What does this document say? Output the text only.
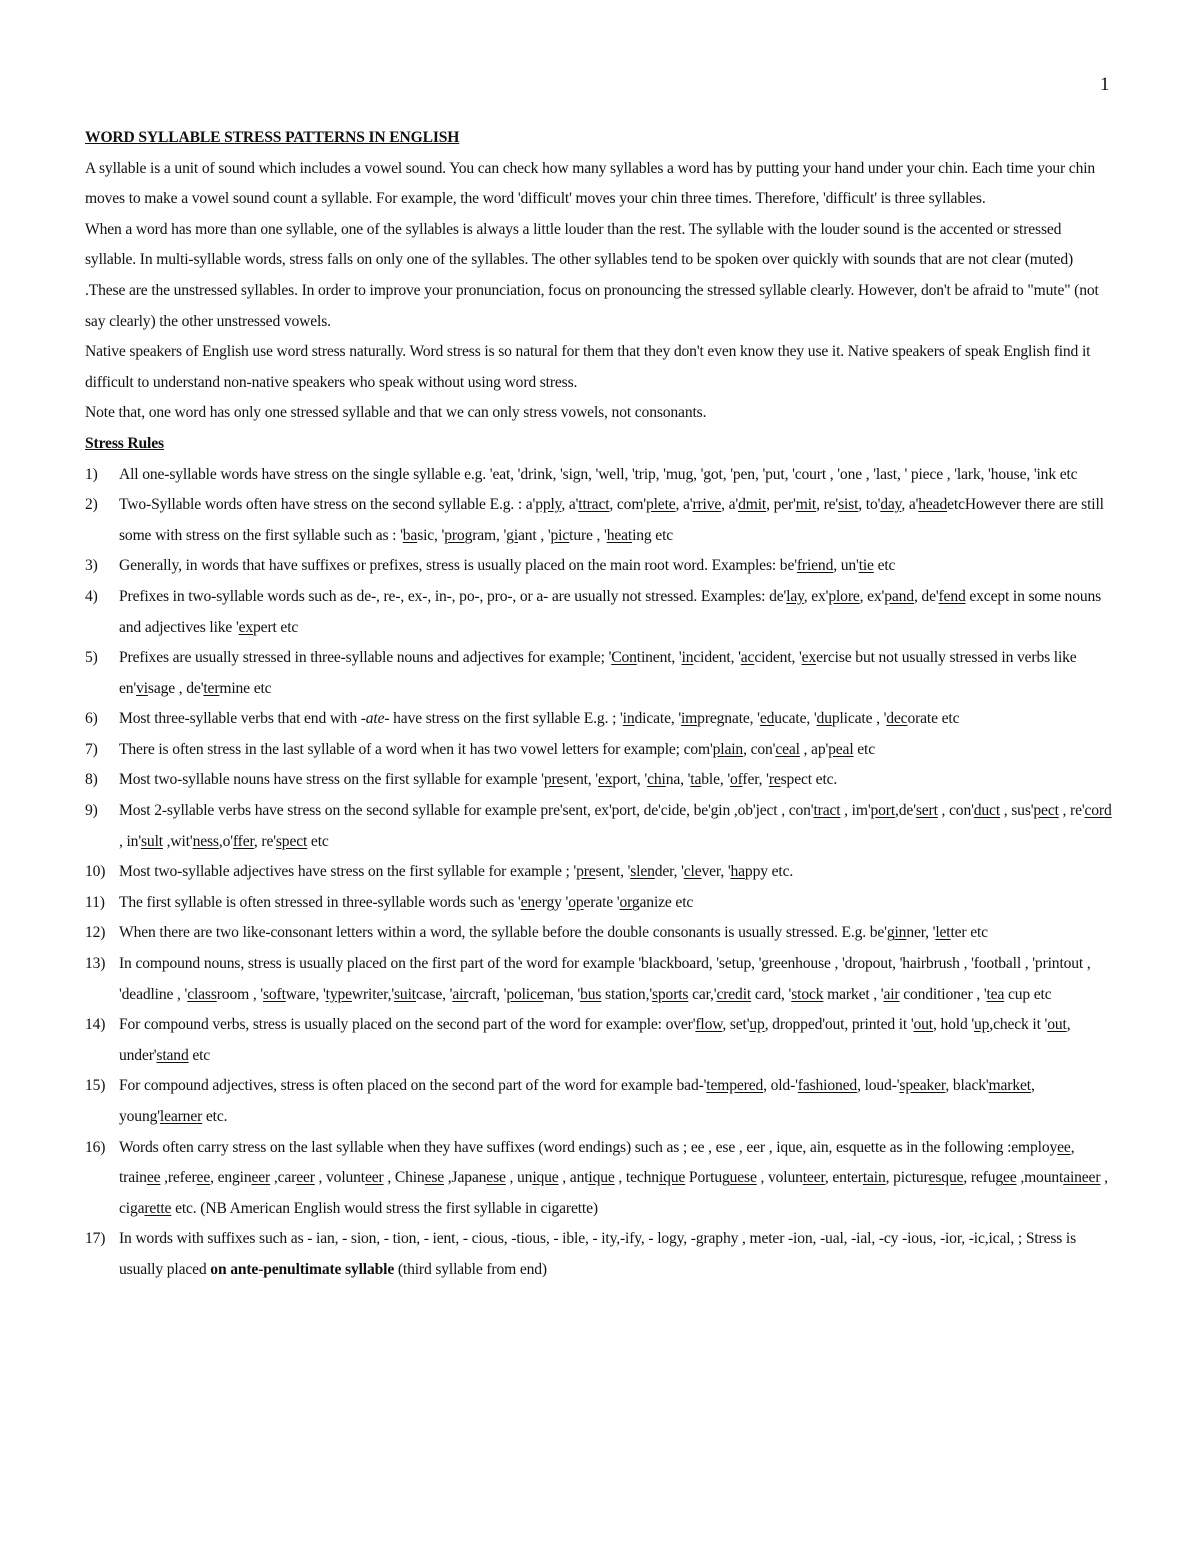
1

WORD SYLLABLE STRESS PATTERNS IN ENGLISH

A syllable is a unit of sound which includes a vowel sound. You can check how many syllables a word has by putting your hand under your chin. Each time your chin moves to make a vowel sound count a syllable. For example, the word 'difficult' moves your chin three times. Therefore, 'difficult' is three syllables.

When a word has more than one syllable, one of the syllables is always a little louder than the rest. The syllable with the louder sound is the accented or stressed syllable. In multi-syllable words, stress falls on only one of the syllables. The other syllables tend to be spoken over quickly with sounds that are not clear (muted) .These are the unstressed syllables. In order to improve your pronunciation, focus on pronouncing the stressed syllable clearly. However, don't be afraid to "mute" (not say clearly) the other unstressed vowels.

Native speakers of English use word stress naturally. Word stress is so natural for them that they don't even know they use it. Native speakers of speak English find it difficult to understand non-native speakers who speak without using word stress.

Note that, one word has only one stressed syllable and that we can only stress vowels, not consonants.

Stress Rules

1) All one-syllable words have stress on the single syllable e.g. 'eat, 'drink, 'sign, 'well, 'trip, 'mug, 'got, 'pen, 'put, 'court , 'one , 'last, ' piece , 'lark, 'house, 'ink etc
2) Two-Syllable words often have stress on the second syllable E.g. : a'pply, a'ttract, com'plete, a'rrive, a'dmit, per'mit, re'sist, to'day, a'headetcHowever there are still some with stress on the first syllable such as : 'basic, 'program, 'giant , 'picture , 'heating etc
3) Generally, in words that have suffixes or prefixes, stress is usually placed on the main root word. Examples: be'friend, un'tie etc
4) Prefixes in two-syllable words such as de-, re-, ex-, in-, po-, pro-, or a- are usually not stressed. Examples: de'lay, ex'plore, ex'pand, de'fend except in some nouns and adjectives like 'expert etc
5) Prefixes are usually stressed in three-syllable nouns and adjectives for example; 'Continent, 'incident, 'accident, 'exercise but not usually stressed in verbs like en'visage , de'termine etc
6) Most three-syllable verbs that end with -ate- have stress on the first syllable E.g. ; 'indicate, 'impregnate, 'educate, 'duplicate , 'decorate etc
7) There is often stress in the last syllable of a word when it has two vowel letters for example; com'plain, con'ceal , ap'peal etc
8) Most two-syllable nouns have stress on the first syllable for example 'present, 'export, 'china, 'table, 'offer, 'respect etc.
9) Most 2-syllable verbs have stress on the second syllable for example pre'sent, ex'port, de'cide, be'gin ,ob'ject , con'tract , im'port,de'sert , con'duct , sus'pect , re'cord , in'sult ,wit'ness,o'ffer, re'spect etc
10) Most two-syllable adjectives have stress on the first syllable for example ; 'present, 'slender, 'clever, 'happy etc.
11) The first syllable is often stressed in three-syllable words such as 'energy 'operate 'organize etc
12) When there are two like-consonant letters within a word, the syllable before the double consonants is usually stressed. E.g. be'ginner, 'letter etc
13) In compound nouns, stress is usually placed on the first part of the word for example 'blackboard, 'setup, 'greenhouse , 'dropout, 'hairbrush , 'football , 'printout , 'deadline , 'classroom , 'software, 'typewriter,'suitcase, 'aircraft, 'policeman, 'bus station,'sports car,'credit card, 'stock market , 'air conditioner , 'tea cup etc
14) For compound verbs, stress is usually placed on the second part of the word for example: over'flow, set'up, dropped'out, printed it 'out, hold 'up,check it 'out, under'stand etc
15) For compound adjectives, stress is often placed on the second part of the word for example bad-'tempered, old-'fashioned, loud-'speaker, black'market, young'learner etc.
16) Words often carry stress on the last syllable when they have suffixes (word endings) such as ; ee , ese , eer , ique, ain, esquette as in the following :employee, trainee ,referee, engineer ,career , volunteer , Chinese ,Japanese , unique , antique , technique Portuguese , volunteer, entertain, picturesque, refugee ,mountaineer , cigarette etc. (NB American English would stress the first syllable in cigarette)
17) In words with suffixes such as - ian, - sion, - tion, - ient, - cious, -tious, - ible, - ity,-ify, - logy, -graphy , meter -ion, -ual, -ial, -cy -ious, -ior, -ic,ical, ; Stress is usually placed on ante-penultimate syllable (third syllable from end)
